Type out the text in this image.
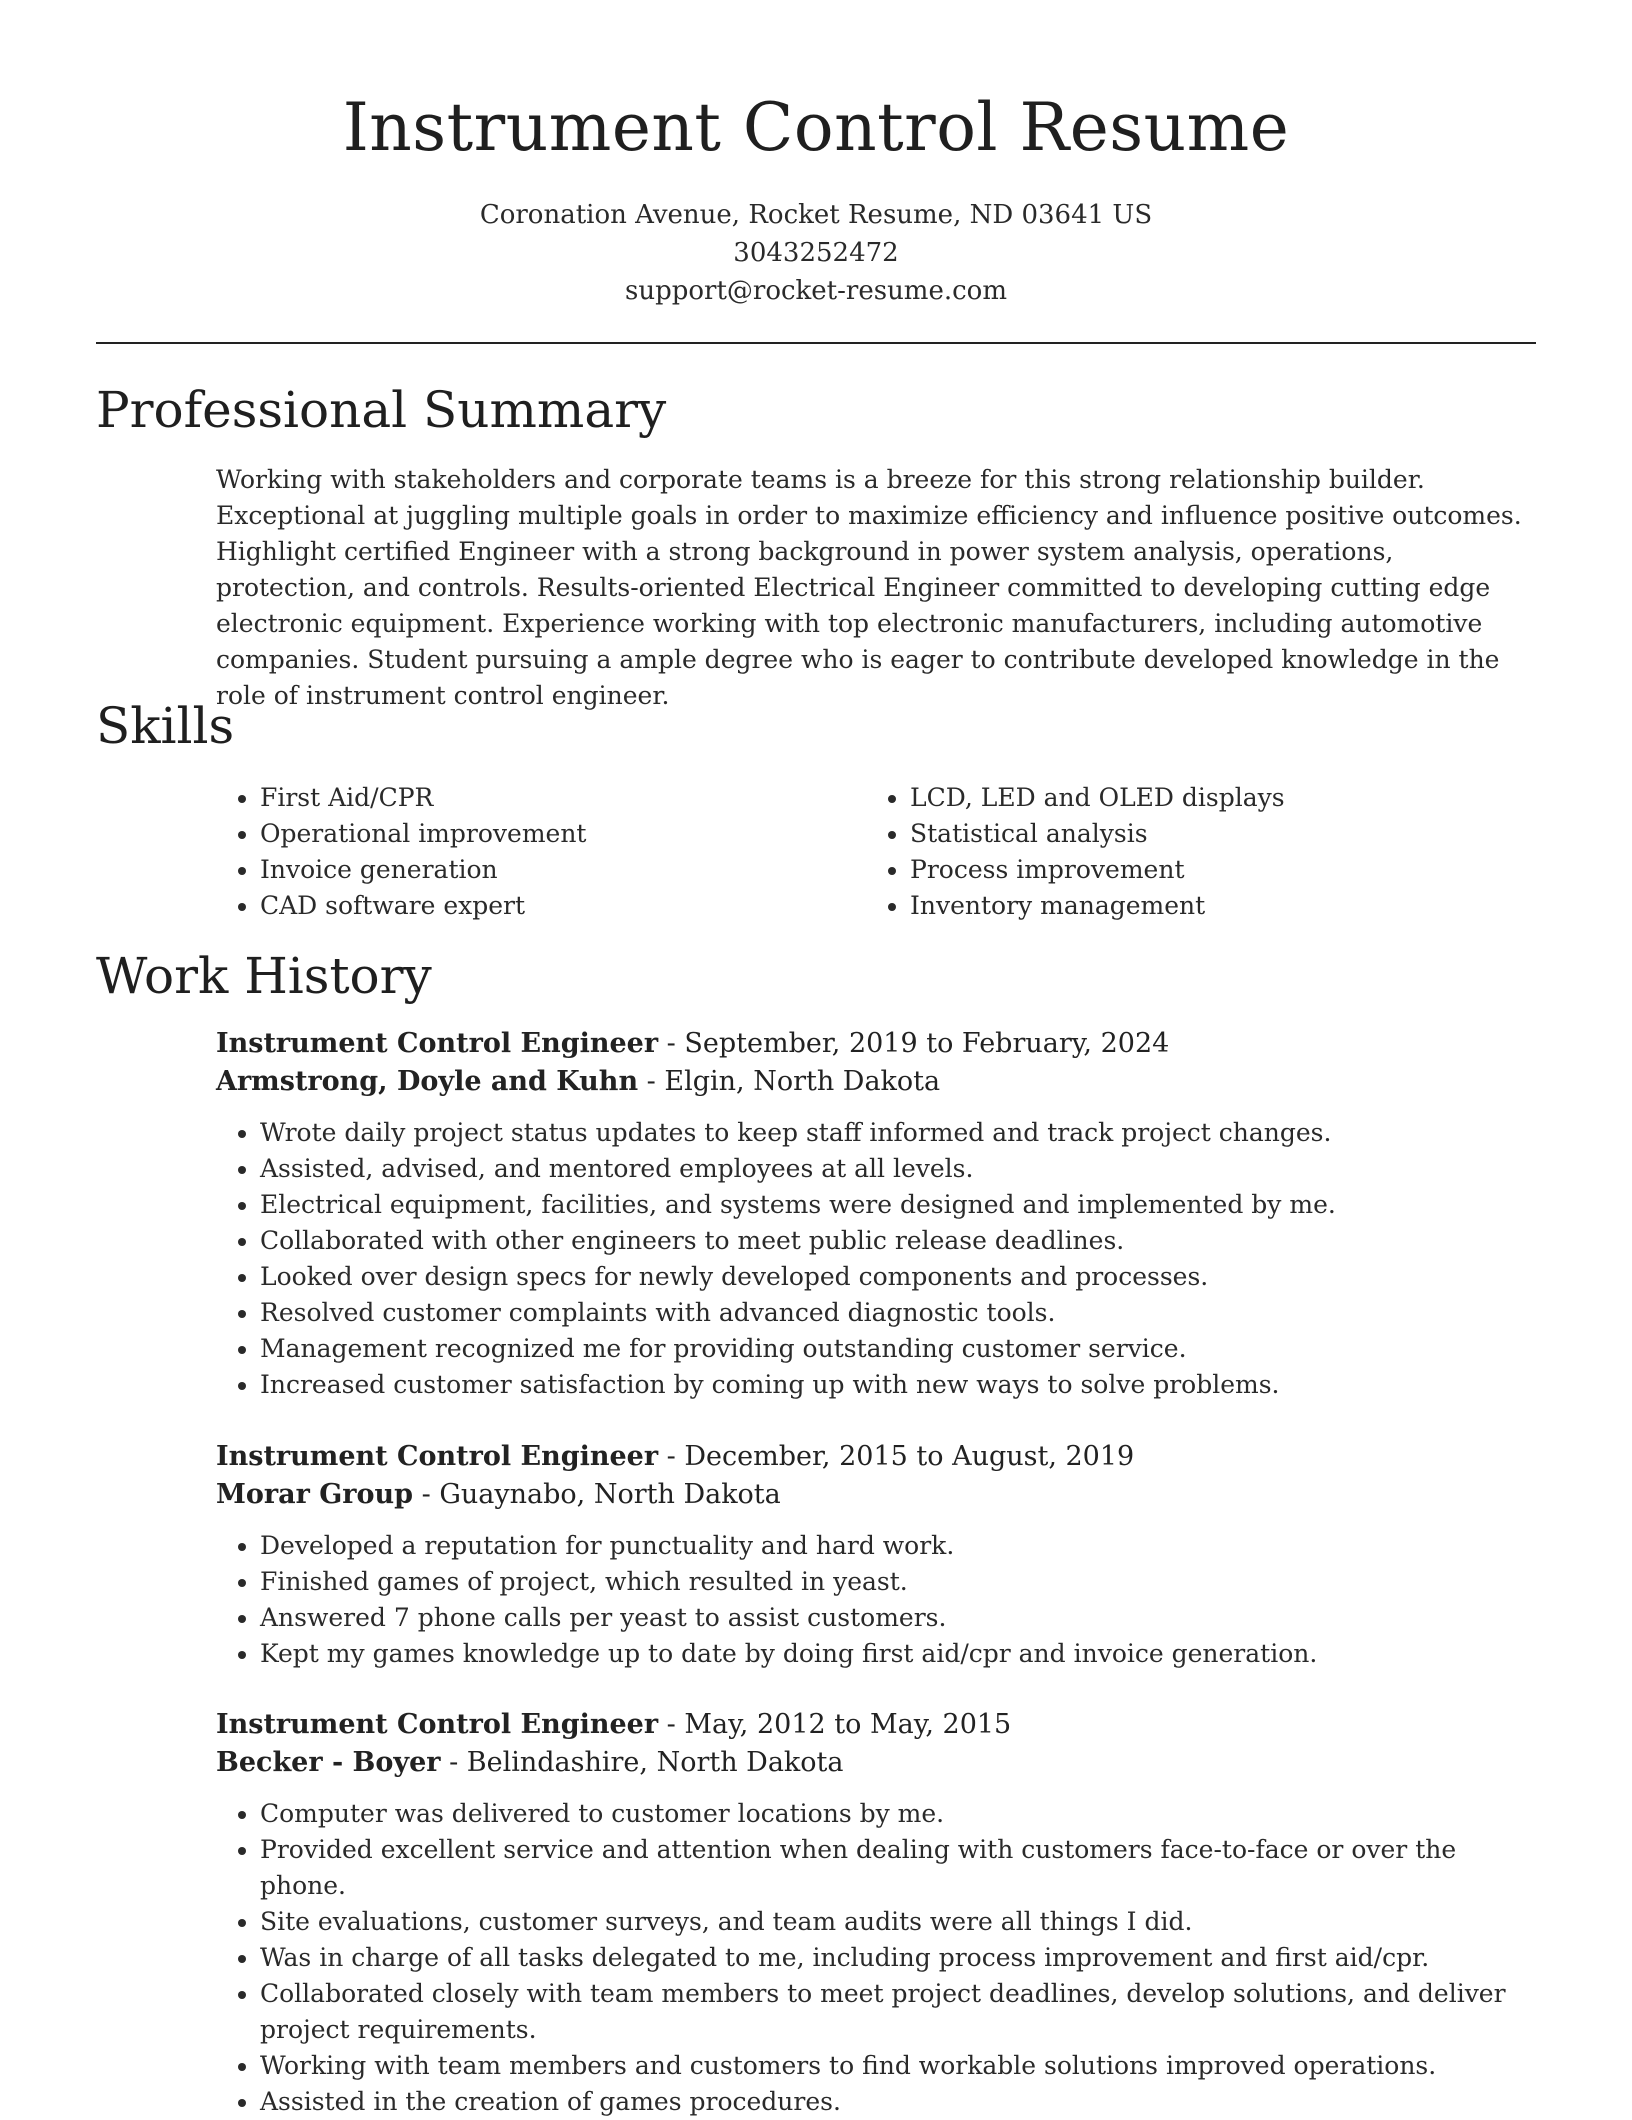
Instrument Control Resume
Coronation Avenue, Rocket Resume, ND 03641 US
3043252472
support@rocket-resume.com
Professional Summary

Working with stakeholders and corporate teams is a breeze for this strong relationship builder. Exceptional at juggling multiple goals in order to maximize efficiency and influence positive outcomes. Highlight certified Engineer with a strong background in power system analysis, operations, protection, and controls. Results-oriented Electrical Engineer committed to developing cutting edge electronic equipment. Experience working with top electronic manufacturers, including automotive companies. Student pursuing a ample degree who is eager to contribute developed knowledge in the role of instrument control engineer.

Skills
• First Aid/CPR
• Operational improvement
• Invoice generation
• CAD software expert
• LCD, LED and OLED displays
• Statistical analysis
• Process improvement
• Inventory management
Work History
Instrument Control Engineer - September, 2019 to February, 2024
Armstrong, Doyle and Kuhn - Elgin, North Dakota
• Wrote daily project status updates to keep staff informed and track project changes.
• Assisted, advised, and mentored employees at all levels.
• Electrical equipment, facilities, and systems were designed and implemented by me.
• Collaborated with other engineers to meet public release deadlines.
• Looked over design specs for newly developed components and processes.
• Resolved customer complaints with advanced diagnostic tools.
• Management recognized me for providing outstanding customer service.
• Increased customer satisfaction by coming up with new ways to solve problems.
Instrument Control Engineer - December, 2015 to August, 2019
Morar Group - Guaynabo, North Dakota
• Developed a reputation for punctuality and hard work.
• Finished games of project, which resulted in yeast.
• Answered 7 phone calls per yeast to assist customers.
• Kept my games knowledge up to date by doing first aid/cpr and invoice generation.
Instrument Control Engineer - May, 2012 to May, 2015
Becker - Boyer - Belindashire, North Dakota
• Computer was delivered to customer locations by me.
• Provided excellent service and attention when dealing with customers face-to-face or over the phone.
• Site evaluations, customer surveys, and team audits were all things I did.
• Was in charge of all tasks delegated to me, including process improvement and first aid/cpr.
• Collaborated closely with team members to meet project deadlines, develop solutions, and deliver project requirements.
• Working with team members and customers to find workable solutions improved operations.
• Assisted in the creation of games procedures.
